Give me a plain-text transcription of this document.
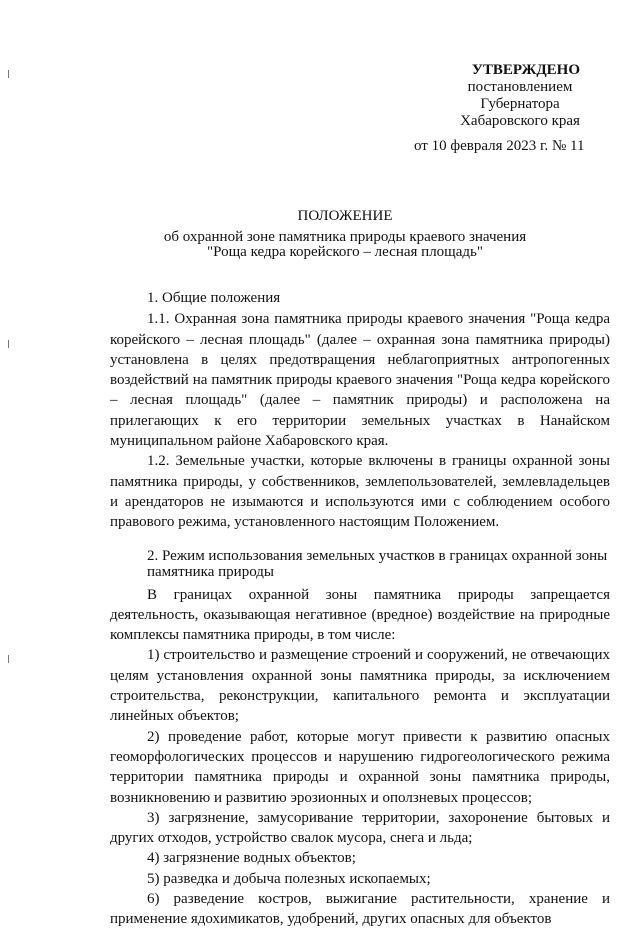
УТВЕРЖДЕНО
постановлением
Губернатора
Хабаровского края
от 10 февраля 2023 г. № 11
ПОЛОЖЕНИЕ
об охранной зоне памятника природы краевого значения
"Роща кедра корейского – лесная площадь"

1. Общие положения

1.1. Охранная зона памятника природы краевого значения "Роща кедра корейского – лесная площадь" (далее – охранная зона памятника природы) установлена в целях предотвращения неблагоприятных антропогенных воздействий на памятник природы краевого значения "Роща кедра корейского – лесная площадь" (далее – памятник природы) и расположена на прилегающих к его территории земельных участках в Нанайском муниципальном районе Хабаровского края.

1.2. Земельные участки, которые включены в границы охранной зоны памятника природы, у собственников, землепользователей, землевладельцев и арендаторов не изымаются и используются ими с соблюдением особого правового режима, установленного настоящим Положением.

2. Режим использования земельных участков в границах охранной зоны памятника природы

В границах охранной зоны памятника природы запрещается деятельность, оказывающая негативное (вредное) воздействие на природные комплексы памятника природы, в том числе:

1) строительство и размещение строений и сооружений, не отвечающих целям установления охранной зоны памятника природы, за исключением строительства, реконструкции, капитального ремонта и эксплуатации линейных объектов;

2) проведение работ, которые могут привести к развитию опасных геоморфологических процессов и нарушению гидрогеологического режима территории памятника природы и охранной зоны памятника природы, возникновению и развитию эрозионных и оползневых процессов;

3) загрязнение, замусоривание территории, захоронение бытовых и других отходов, устройство свалок мусора, снега и льда;

4) загрязнение водных объектов;

5) разведка и добыча полезных ископаемых;

6) разведение костров, выжигание растительности, хранение и применение ядохимикатов, удобрений, других опасных для объектов
